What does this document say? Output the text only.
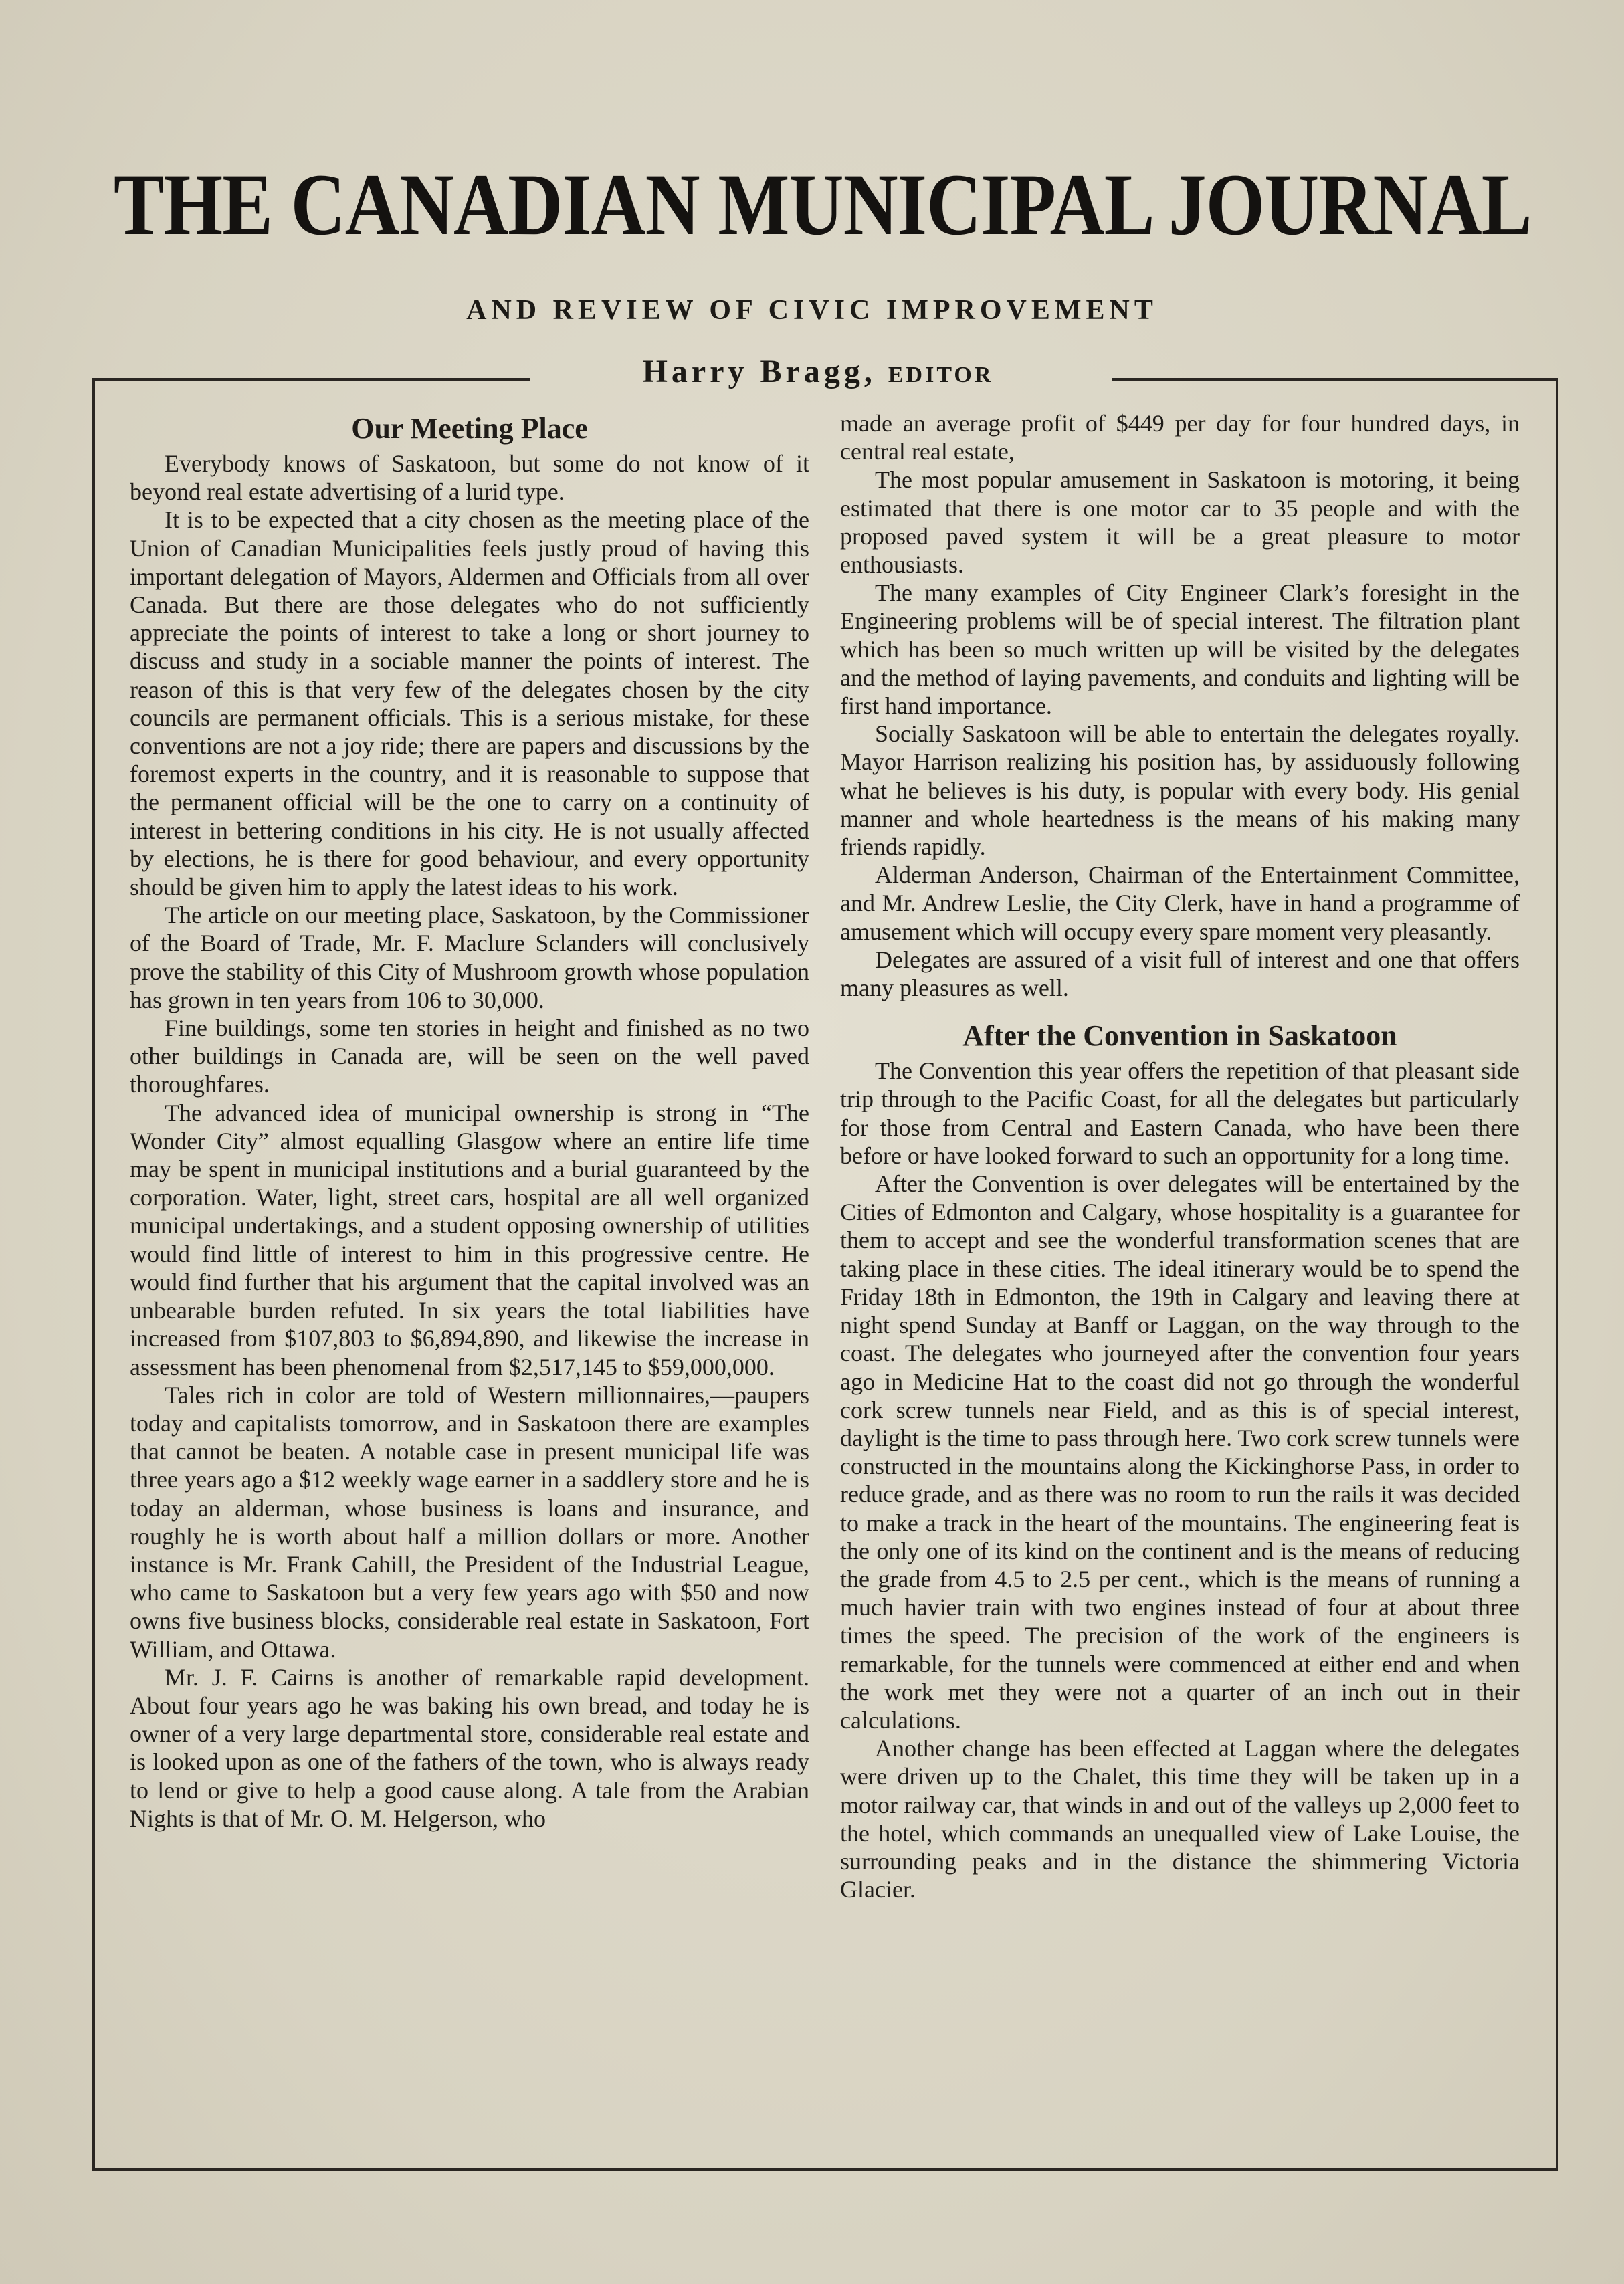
THE CANADIAN MUNICIPAL JOURNAL
AND REVIEW OF CIVIC IMPROVEMENT
Harry Bragg, EDITOR
Our Meeting Place

Everybody knows of Saskatoon, but some do not know of it beyond real estate advertising of a lurid type.

It is to be expected that a city chosen as the meeting place of the Union of Canadian Municipalities feels justly proud of having this important delegation of Mayors, Aldermen and Officials from all over Canada. But there are those delegates who do not sufficiently appreciate the points of interest to take a long or short journey to discuss and study in a sociable manner the points of interest. The reason of this is that very few of the delegates chosen by the city councils are permanent officials. This is a serious mistake, for these conventions are not a joy ride; there are papers and discussions by the foremost experts in the country, and it is reasonable to suppose that the permanent official will be the one to carry on a continuity of interest in bettering conditions in his city. He is not usually affected by elections, he is there for good behaviour, and every opportunity should be given him to apply the latest ideas to his work.

The article on our meeting place, Saskatoon, by the Commissioner of the Board of Trade, Mr. F. Maclure Sclanders will conclusively prove the stability of this City of Mushroom growth whose population has grown in ten years from 106 to 30,000.

Fine buildings, some ten stories in height and finished as no two other buildings in Canada are, will be seen on the well paved thoroughfares.

The advanced idea of municipal ownership is strong in “The Wonder City” almost equalling Glasgow where an entire life time may be spent in municipal institutions and a burial guaranteed by the corporation. Water, light, street cars, hospital are all well organized municipal undertakings, and a student opposing ownership of utilities would find little of interest to him in this progressive centre. He would find further that his argument that the capital involved was an unbearable burden refuted. In six years the total liabilities have increased from $107,803 to $6,894,890, and likewise the increase in assessment has been phenomenal from $2,517,145 to $59,000,000.

Tales rich in color are told of Western millionnaires,—paupers today and capitalists tomorrow, and in Saskatoon there are examples that cannot be beaten. A notable case in present municipal life was three years ago a $12 weekly wage earner in a saddlery store and he is today an alderman, whose business is loans and insurance, and roughly he is worth about half a million dollars or more. Another instance is Mr. Frank Cahill, the President of the Industrial League, who came to Saskatoon but a very few years ago with $50 and now owns five business blocks, considerable real estate in Saskatoon, Fort William, and Ottawa.

Mr. J. F. Cairns is another of remarkable rapid development. About four years ago he was baking his own bread, and today he is owner of a very large departmental store, considerable real estate and is looked upon as one of the fathers of the town, who is always ready to lend or give to help a good cause along. A tale from the Arabian Nights is that of Mr. O. M. Helgerson, who

made an average profit of $449 per day for four hundred days, in central real estate,

The most popular amusement in Saskatoon is motoring, it being estimated that there is one motor car to 35 people and with the proposed paved system it will be a great pleasure to motor enthousiasts.

The many examples of City Engineer Clark’s foresight in the Engineering problems will be of special interest. The filtration plant which has been so much written up will be visited by the delegates and the method of laying pavements, and conduits and lighting will be first hand importance.

Socially Saskatoon will be able to entertain the delegates royally. Mayor Harrison realizing his position has, by assiduously following what he believes is his duty, is popular with every body. His genial manner and whole heartedness is the means of his making many friends rapidly.

Alderman Anderson, Chairman of the Entertainment Committee, and Mr. Andrew Leslie, the City Clerk, have in hand a programme of amusement which will occupy every spare moment very pleasantly.

Delegates are assured of a visit full of interest and one that offers many pleasures as well.

After the Convention in Saskatoon

The Convention this year offers the repetition of that pleasant side trip through to the Pacific Coast, for all the delegates but particularly for those from Central and Eastern Canada, who have been there before or have looked forward to such an opportunity for a long time.

After the Convention is over delegates will be entertained by the Cities of Edmonton and Calgary, whose hospitality is a guarantee for them to accept and see the wonderful transformation scenes that are taking place in these cities. The ideal itinerary would be to spend the Friday 18th in Edmonton, the 19th in Calgary and leaving there at night spend Sunday at Banff or Laggan, on the way through to the coast. The delegates who journeyed after the convention four years ago in Medicine Hat to the coast did not go through the wonderful cork screw tunnels near Field, and as this is of special interest, daylight is the time to pass through here. Two cork screw tunnels were constructed in the mountains along the Kickinghorse Pass, in order to reduce grade, and as there was no room to run the rails it was decided to make a track in the heart of the mountains. The engineering feat is the only one of its kind on the continent and is the means of reducing the grade from 4.5 to 2.5 per cent., which is the means of running a much havier train with two engines instead of four at about three times the speed. The precision of the work of the engineers is remarkable, for the tunnels were commenced at either end and when the work met they were not a quarter of an inch out in their calculations.

Another change has been effected at Laggan where the delegates were driven up to the Chalet, this time they will be taken up in a motor railway car, that winds in and out of the valleys up 2,000 feet to the hotel, which commands an unequalled view of Lake Louise, the surrounding peaks and in the distance the shimmering Victoria Glacier.
